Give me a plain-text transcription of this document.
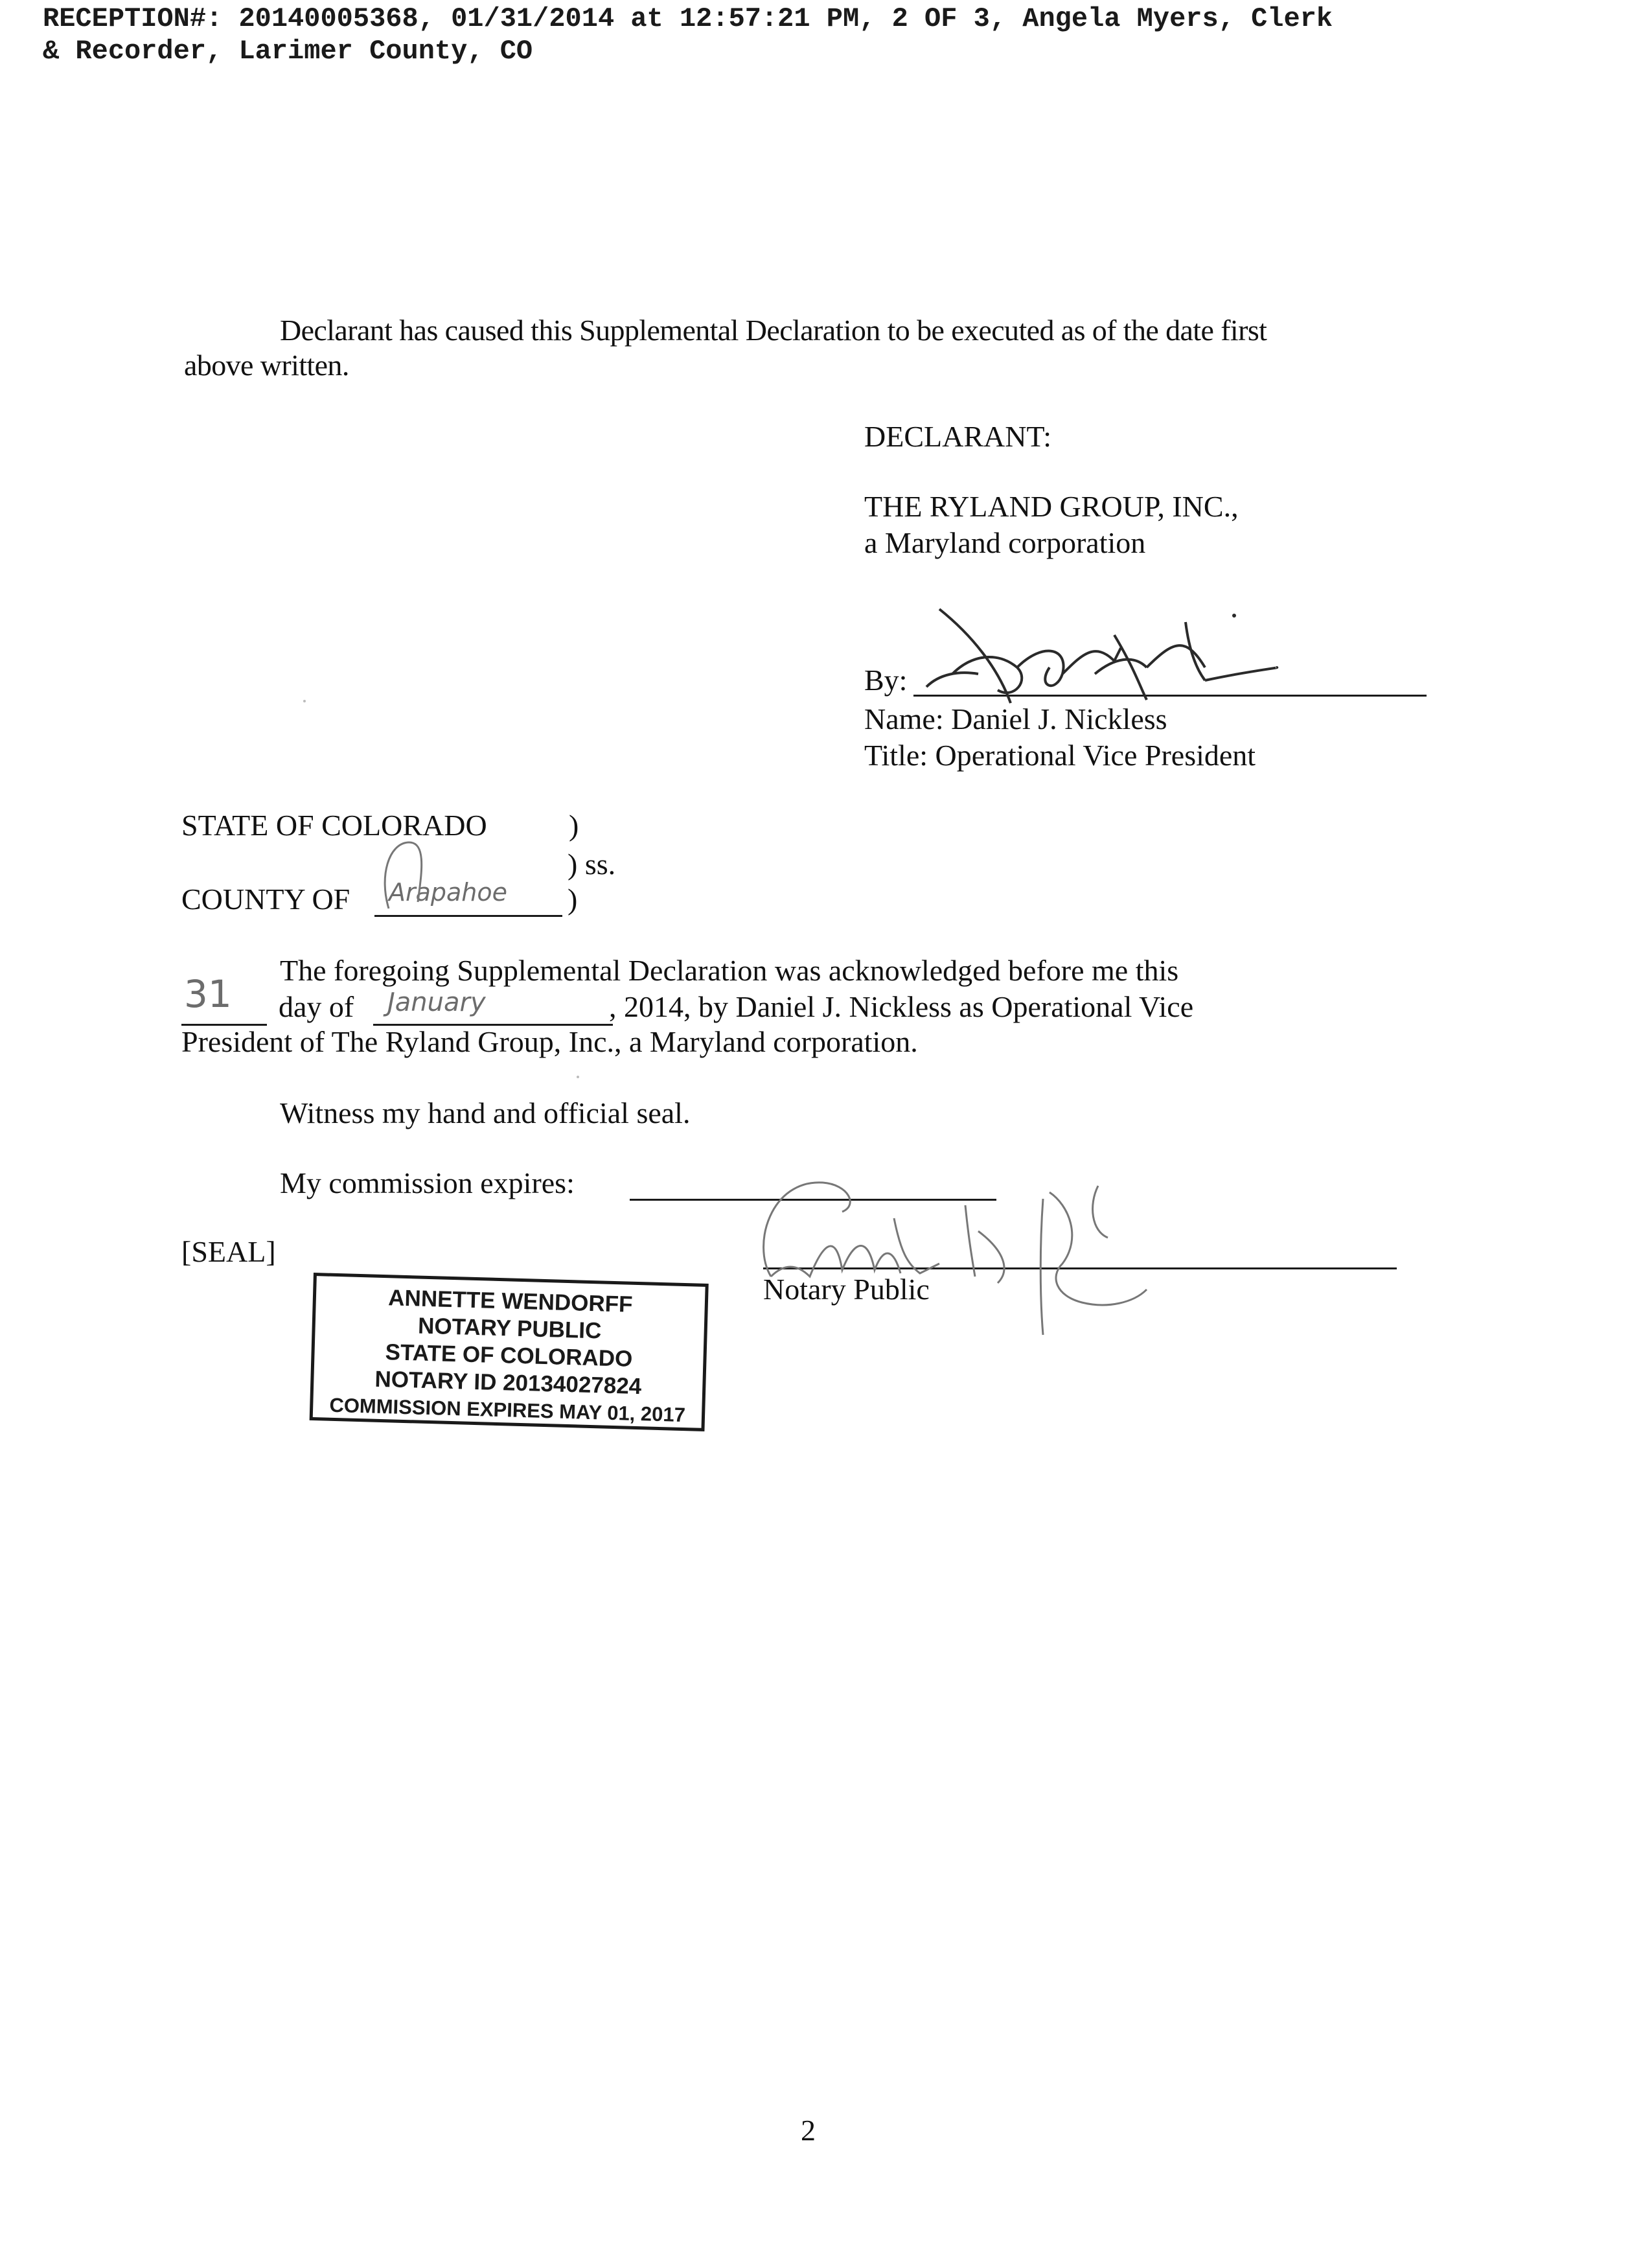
RECEPTION#: 20140005368, 01/31/2014 at 12:57:21 PM, 2 OF 3, Angela Myers, Clerk
& Recorder, Larimer County, CO
Declarant has caused this Supplemental Declaration to be executed as of the date first
above written.
DECLARANT:
THE RYLAND GROUP, INC.,
a Maryland corporation
By:
Name: Daniel J. Nickless
Title: Operational Vice President
STATE OF COLORADO	)
) ss.
COUNTY OF Arapahoe )
The foregoing Supplemental Declaration was acknowledged before me this
31 day of January	, 2014, by Daniel J. Nickless as Operational Vice
President of The Ryland Group, Inc., a Maryland corporation.
Witness my hand and official seal.
My commission expires:
[SEAL]
ANNETTE WENDORFF
NOTARY PUBLIC
STATE OF COLORADO
NOTARY ID 20134027824
COMMISSION EXPIRES MAY 01, 2017
Notary Public
2
